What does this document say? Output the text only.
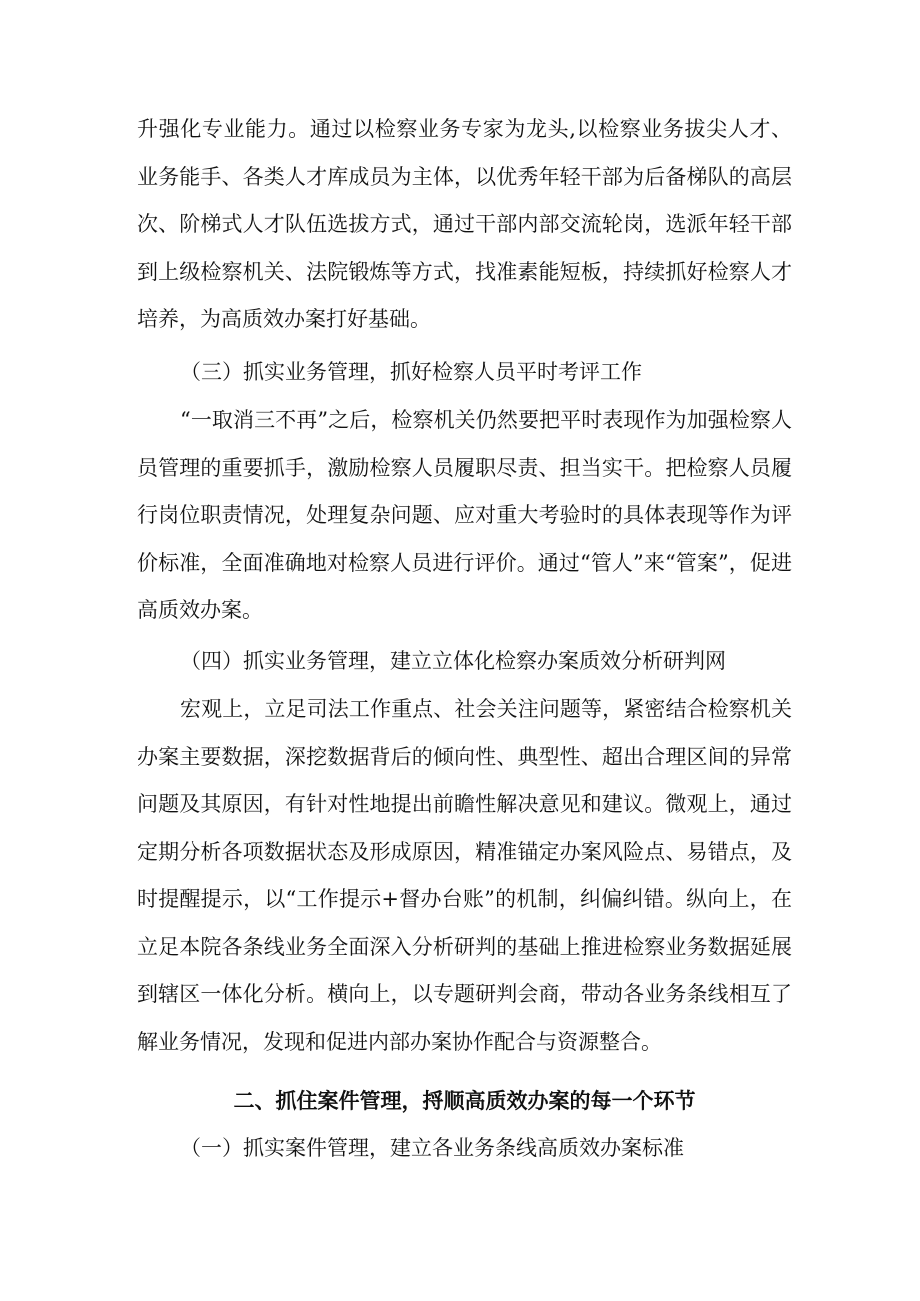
升强化专业能力。通过以检察业务专家为龙头,以检察业务拔尖人才、业务能手、各类人才库成员为主体，以优秀年轻干部为后备梯队的高层次、阶梯式人才队伍选拔方式，通过干部内部交流轮岗，选派年轻干部到上级检察机关、法院锻炼等方式，找准素能短板，持续抓好检察人才培养，为高质效办案打好基础。

（三）抓实业务管理，抓好检察人员平时考评工作

“一取消三不再”之后，检察机关仍然要把平时表现作为加强检察人员管理的重要抓手，激励检察人员履职尽责、担当实干。把检察人员履行岗位职责情况，处理复杂问题、应对重大考验时的具体表现等作为评价标准，全面准确地对检察人员进行评价。通过“管人”来“管案”，促进高质效办案。

（四）抓实业务管理，建立立体化检察办案质效分析研判网

宏观上，立足司法工作重点、社会关注问题等，紧密结合检察机关办案主要数据，深挖数据背后的倾向性、典型性、超出合理区间的异常问题及其原因，有针对性地提出前瞻性解决意见和建议。微观上，通过定期分析各项数据状态及形成原因，精准锚定办案风险点、易错点，及时提醒提示，以“工作提示+督办台账”的机制，纠偏纠错。纵向上，在立足本院各条线业务全面深入分析研判的基础上推进检察业务数据延展到辖区一体化分析。横向上，以专题研判会商，带动各业务条线相互了解业务情况，发现和促进内部办案协作配合与资源整合。

二、抓住案件管理，捋顺高质效办案的每一个环节

（一）抓实案件管理，建立各业务条线高质效办案标准
